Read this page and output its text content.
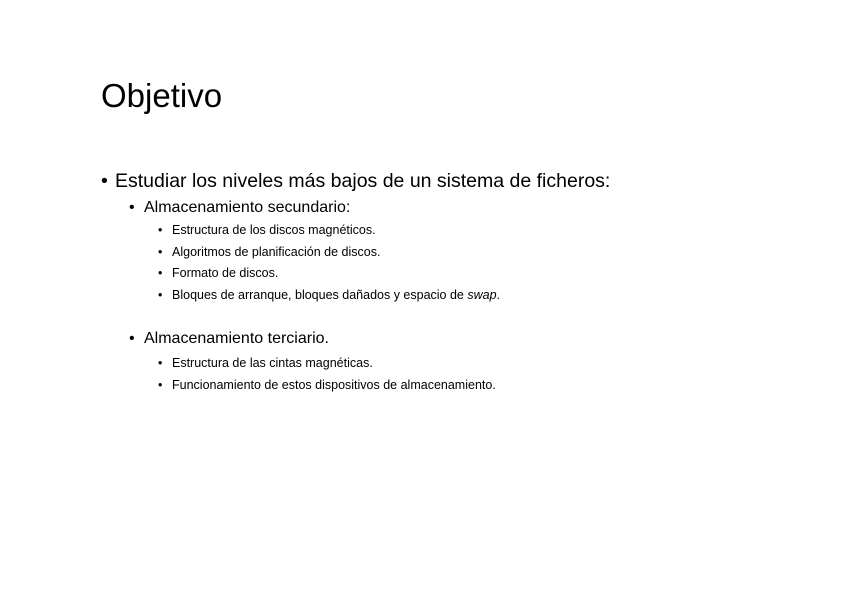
Objetivo
• Estudiar los niveles más bajos de un sistema de ficheros:
• Almacenamiento secundario:
• Estructura de los discos magnéticos.
• Algoritmos de planificación de discos.
• Formato de discos.
• Bloques de arranque, bloques dañados y espacio de swap.
• Almacenamiento terciario.
• Estructura de las cintas magnéticas.
• Funcionamiento de estos dispositivos de almacenamiento.
